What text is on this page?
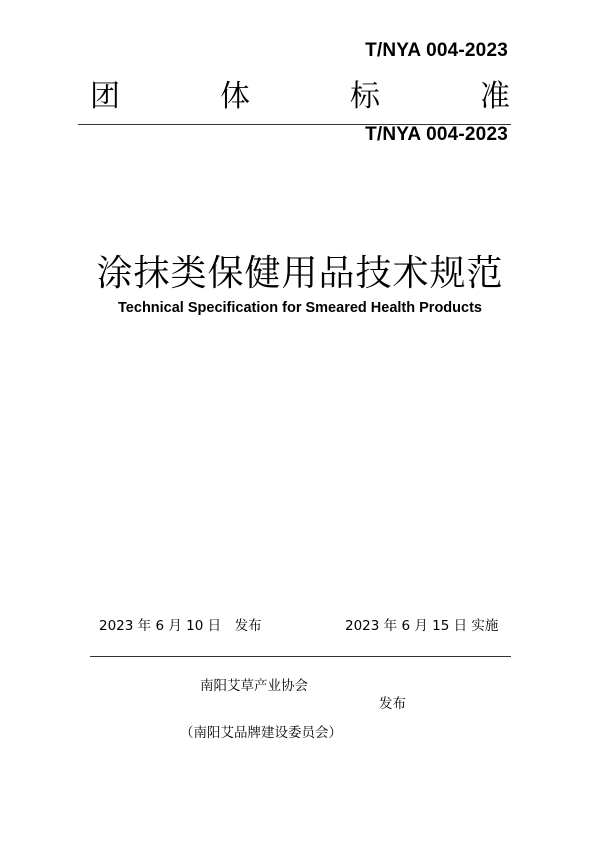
T/NYA 004-2023
团	体	标	准
T/NYA 004-2023
涂抹类保健用品技术规范
Technical Specification for Smeared Health Products
2023 年 6 月 10 日　发布	2023 年 6 月 15 日 实施
南阳艾草产业协会
发布
（南阳艾品牌建设委员会）
